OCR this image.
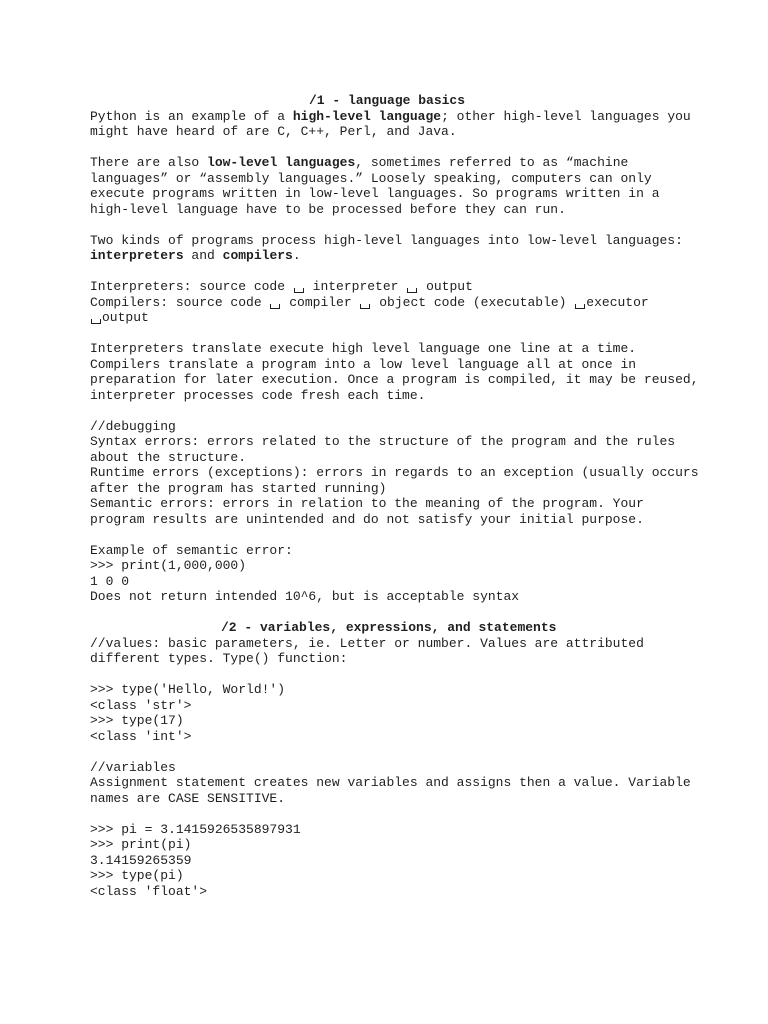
/1 - language basics
Python is an example of a high-level language; other high-level languages you
might have heard of are C, C++, Perl, and Java.
There are also low-level languages, sometimes referred to as “machine
languages” or “assembly languages.” Loosely speaking, computers can only
execute programs written in low-level languages. So programs written in a
high-level language have to be processed before they can run.
Two kinds of programs process high-level languages into low-level languages:
interpreters and compilers.
Interpreters: source code  interpreter  output
Compilers: source code  compiler  object code (executable) executor
output
Interpreters translate execute high level language one line at a time.
Compilers translate a program into a low level language all at once in
preparation for later execution. Once a program is compiled, it may be reused,
interpreter processes code fresh each time.
//debugging
Syntax errors: errors related to the structure of the program and the rules
about the structure.
Runtime errors (exceptions): errors in regards to an exception (usually occurs
after the program has started running)
Semantic errors: errors in relation to the meaning of the program. Your
program results are unintended and do not satisfy your initial purpose.
Example of semantic error:
>>> print(1,000,000)
1 0 0
Does not return intended 10^6, but is acceptable syntax
/2 - variables, expressions, and statements
//values: basic parameters, ie. Letter or number. Values are attributed
different types. Type() function:
>>> type('Hello, World!')
<class 'str'>
>>> type(17)
<class 'int'>
//variables
Assignment statement creates new variables and assigns then a value. Variable
names are CASE SENSITIVE.
>>> pi = 3.1415926535897931
>>> print(pi)
3.14159265359
>>> type(pi)
<class 'float'>
